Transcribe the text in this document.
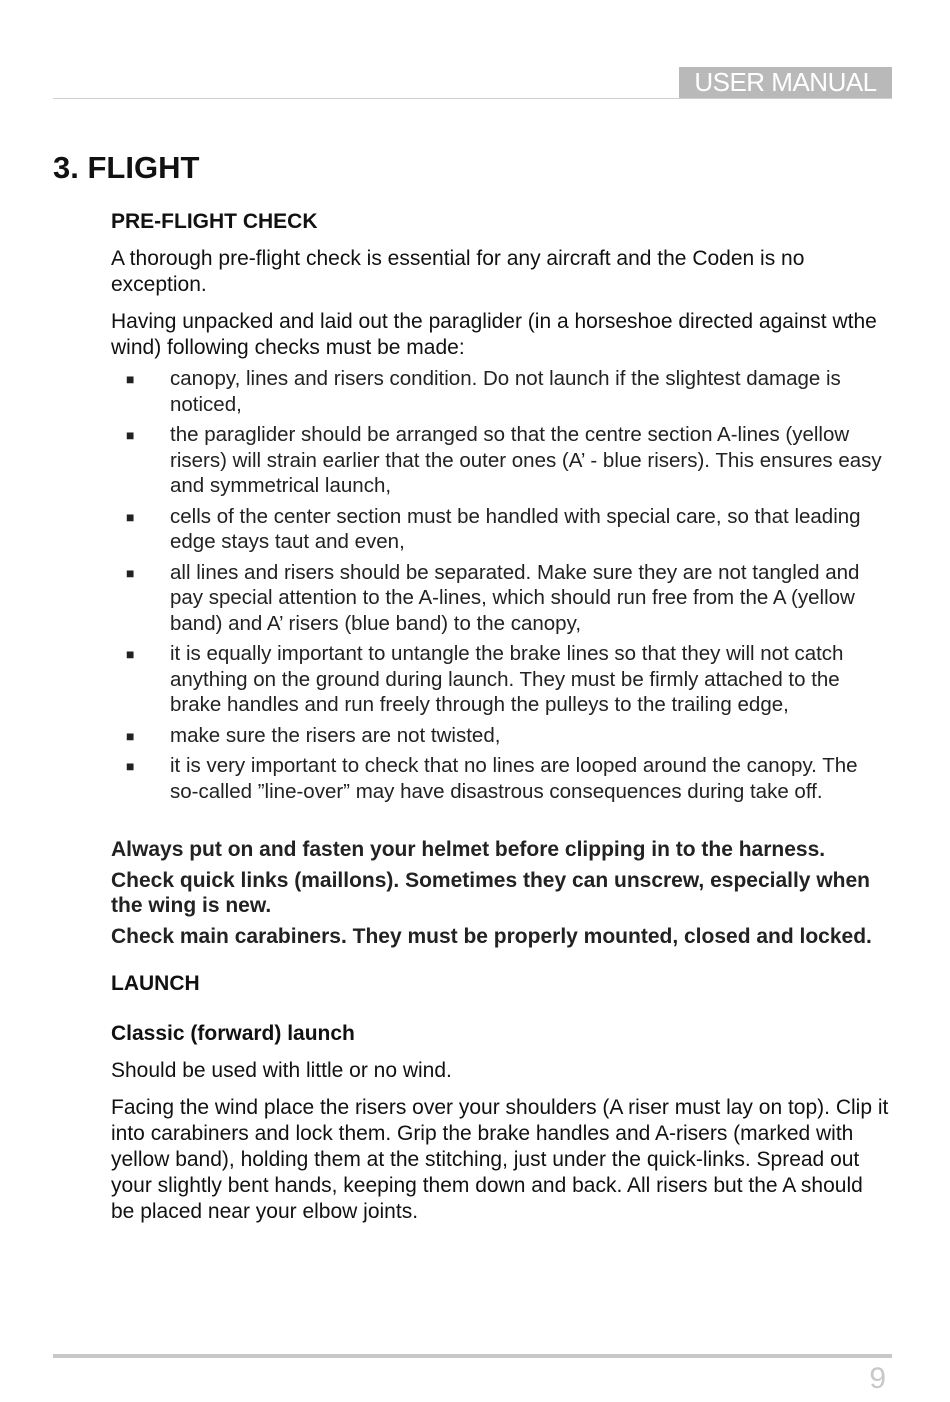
USER MANUAL
3. FLIGHT
PRE-FLIGHT CHECK

A thorough pre-flight check is essential for any aircraft and the Coden is no exception.

Having unpacked and laid out the paraglider (in a horseshoe directed against wthe wind) following checks must be made:

■ canopy, lines and risers condition. Do not launch if the slightest damage is noticed,
■ the paraglider should be arranged so that the centre section A-lines (yellow risers) will strain earlier that the outer ones (A’ - blue risers). This ensures easy and symmetrical launch,
■ cells of the center section must be handled with special care, so that leading edge stays taut and even,
■ all lines and risers should be separated. Make sure they are not tangled and pay special attention to the A-lines, which should run free from the A (yellow band) and A’ risers (blue band) to the canopy,
■ it is equally important to untangle the brake lines so that they will not catch anything on the ground during launch. They must be firmly attached to the brake handles and run freely through the pulleys to the trailing edge,
■ make sure the risers are not twisted,
■ it is very important to check that no lines are looped around the canopy. The so-called ”line-over” may have disastrous consequences during take off.

Always put on and fasten your helmet before clipping in to the harness.

Check quick links (maillons). Sometimes they can unscrew, especially when the wing is new.

Check main carabiners. They must be properly mounted, closed and locked.

LAUNCH
Classic (forward) launch

Should be used with little or no wind.

Facing the wind place the risers over your shoulders (A riser must lay on top). Clip it into carabiners and lock them. Grip the brake handles and A-risers (marked with yellow band), holding them at the stitching, just under the quick-links. Spread out your slightly bent hands, keeping them down and back. All risers but the A should be placed near your elbow joints.

9
